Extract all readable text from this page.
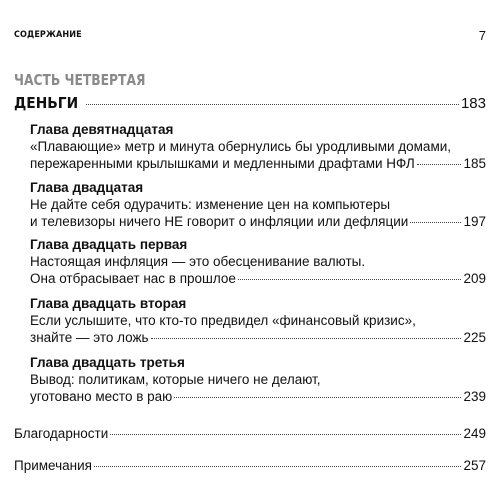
СОДЕРЖАНИЕ	7
ЧАСТЬ ЧЕТВЕРТАЯ
ДЕНЬГИ	183
Глава девятнадцатая
«Плавающие» метр и минута обернулись бы уродливыми домами,
пережаренными крылышками и медленными драфтами НФЛ	185
Глава двадцатая
Не дайте себя одурачить: изменение цен на компьютеры
и телевизоры ничего НЕ говорит о инфляции или дефляции	197
Глава двадцать первая
Настоящая инфляция — это обесценивание валюты.
Она отбрасывает нас в прошлое	209
Глава двадцать вторая
Если услышите, что кто-то предвидел «финансовый кризис»,
знайте — это ложь	225
Глава двадцать третья
Вывод: политикам, которые ничего не делают,
уготовано место в раю	239
Благодарности	249
Примечания	257
